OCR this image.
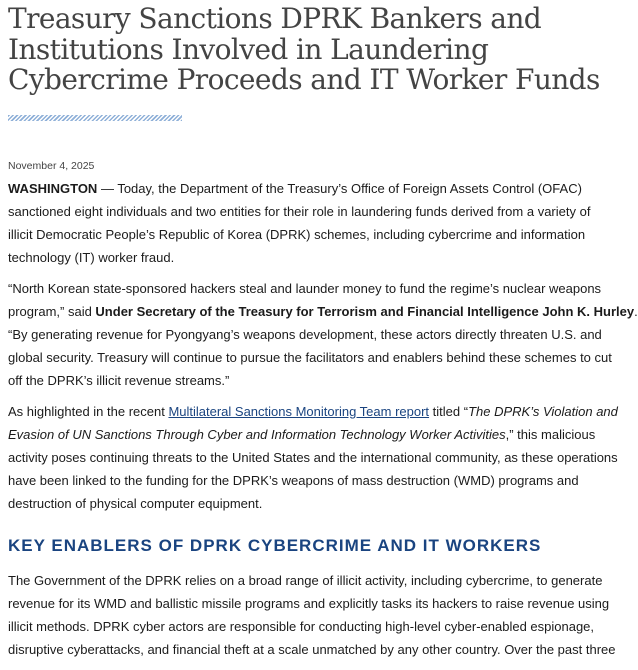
Treasury Sanctions DPRK Bankers and
Institutions Involved in Laundering
Cybercrime Proceeds and IT Worker Funds
November 4, 2025

WASHINGTON — Today, the Department of the Treasury’s Office of Foreign Assets Control (OFAC)
sanctioned eight individuals and two entities for their role in laundering funds derived from a variety of
illicit Democratic People’s Republic of Korea (DPRK) schemes, including cybercrime and information
technology (IT) worker fraud.

“North Korean state-sponsored hackers steal and launder money to fund the regime’s nuclear weapons
program,” said Under Secretary of the Treasury for Terrorism and Financial Intelligence John K. Hurley.
“By generating revenue for Pyongyang’s weapons development, these actors directly threaten U.S. and
global security. Treasury will continue to pursue the facilitators and enablers behind these schemes to cut
off the DPRK’s illicit revenue streams.”

As highlighted in the recent Multilateral Sanctions Monitoring Team report titled “The DPRK’s Violation and
Evasion of UN Sanctions Through Cyber and Information Technology Worker Activities,” this malicious
activity poses continuing threats to the United States and the international community, as these operations
have been linked to the funding for the DPRK’s weapons of mass destruction (WMD) programs and
destruction of physical computer equipment.

KEY ENABLERS OF DPRK CYBERCRIME AND IT WORKERS

The Government of the DPRK relies on a broad range of illicit activity, including cybercrime, to generate
revenue for its WMD and ballistic missile programs and explicitly tasks its hackers to raise revenue using
illicit methods. DPRK cyber actors are responsible for conducting high-level cyber-enabled espionage,
disruptive cyberattacks, and financial theft at a scale unmatched by any other country. Over the past three
